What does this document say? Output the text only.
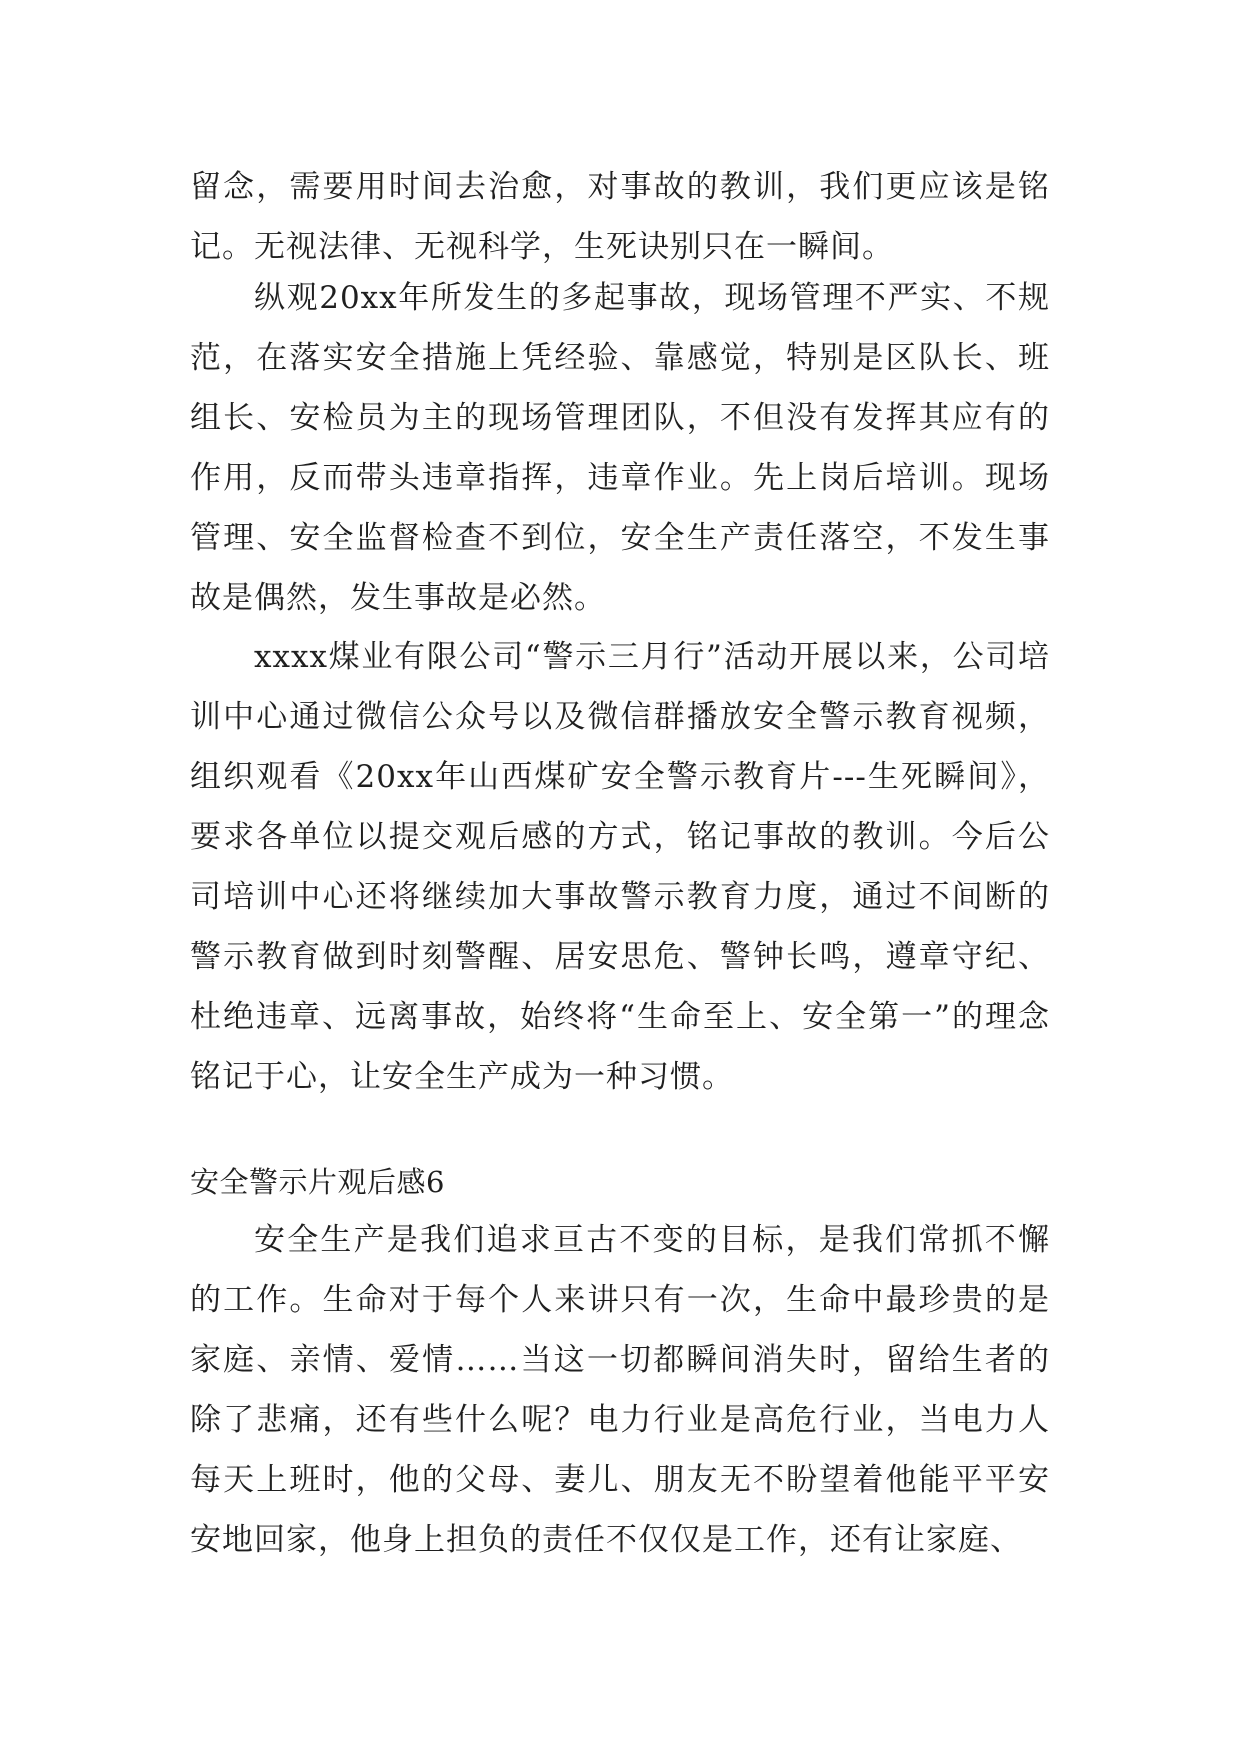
留念，需要用时间去治愈，对事故的教训，我们更应该是铭记。无视法律、无视科学，生死诀别只在一瞬间。

纵观20xx年所发生的多起事故，现场管理不严实、不规范，在落实安全措施上凭经验、靠感觉，特别是区队长、班组长、安检员为主的现场管理团队，不但没有发挥其应有的作用，反而带头违章指挥，违章作业。先上岗后培训。现场管理、安全监督检查不到位，安全生产责任落空，不发生事故是偶然，发生事故是必然。

xxxx煤业有限公司“警示三月行”活动开展以来，公司培训中心通过微信公众号以及微信群播放安全警示教育视频，组织观看《20xx年山西煤矿安全警示教育片---生死瞬间》，要求各单位以提交观后感的方式，铭记事故的教训。今后公司培训中心还将继续加大事故警示教育力度，通过不间断的警示教育做到时刻警醒、居安思危、警钟长鸣，遵章守纪、杜绝违章、远离事故，始终将“生命至上、安全第一”的理念铭记于心，让安全生产成为一种习惯。

安全警示片观后感6

安全生产是我们追求亘古不变的目标，是我们常抓不懈的工作。生命对于每个人来讲只有一次，生命中最珍贵的是家庭、亲情、爱情……当这一切都瞬间消失时，留给生者的除了悲痛，还有些什么呢？电力行业是高危行业，当电力人每天上班时，他的父母、妻儿、朋友无不盼望着他能平平安安地回家，他身上担负的责任不仅仅是工作，还有让家庭、
